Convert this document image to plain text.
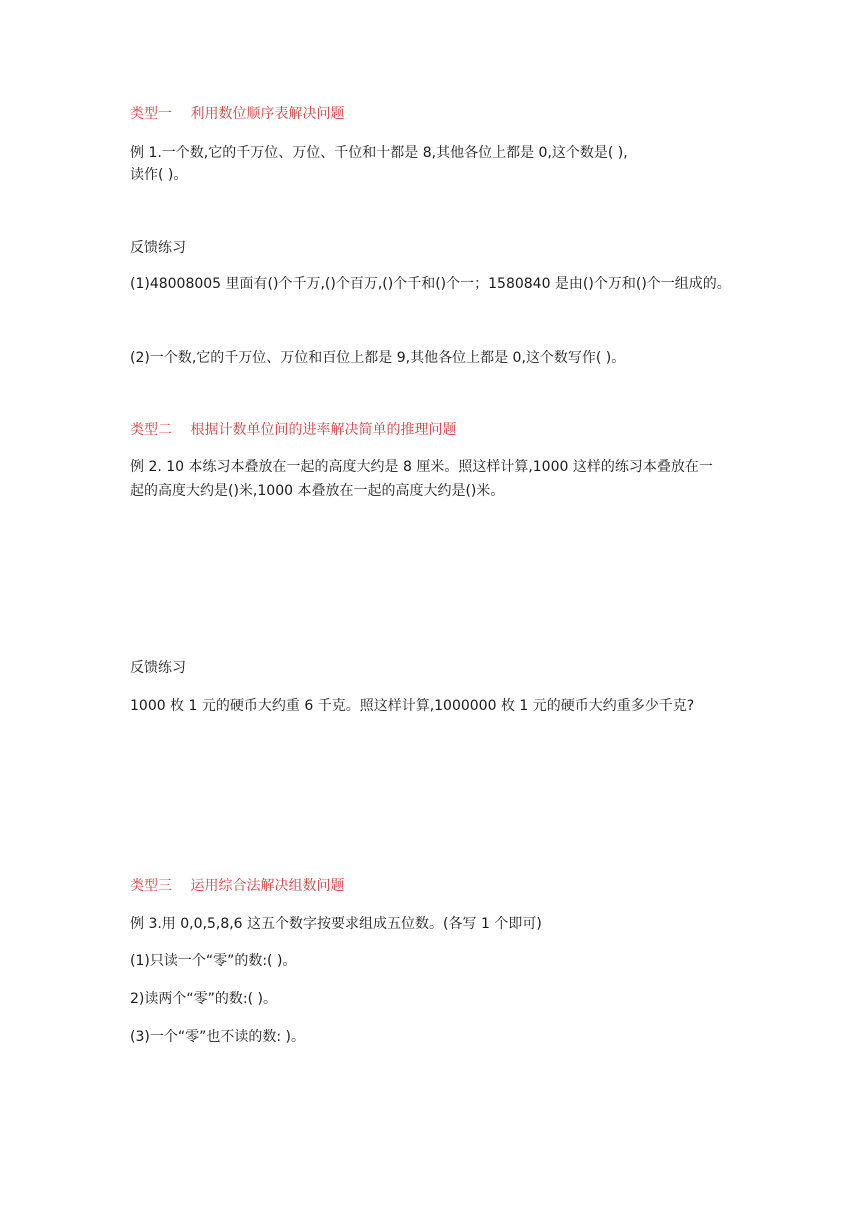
类型一　 利用数位顺序表解决问题
例 1.一个数,它的千万位、万位、千位和十都是 8,其他各位上都是 0,这个数是( ),
读作( )。
反馈练习
(1)48008005 里面有()个千万,()个百万,()个千和()个一；1580840 是由()个万和()个一组成的。
(2)一个数,它的千万位、万位和百位上都是 9,其他各位上都是 0,这个数写作( )。
类型二　 根据计数单位间的进率解决简单的推理问题
例 2. 10 本练习本叠放在一起的高度大约是 8 厘米。照这样计算,1000 这样的练习本叠放在一
起的高度大约是()米,1000 本叠放在一起的高度大约是()米。
反馈练习
1000 枚 1 元的硬币大约重 6 千克。照这样计算,1000000 枚 1 元的硬币大约重多少千克?
类型三　 运用综合法解决组数问题
例 3.用 0,0,5,8,6 这五个数字按要求组成五位数。(各写 1 个即可)
(1)只读一个“零”的数:( )。
2)读两个“零”的数:( )。
(3)一个“零”也不读的数: )。
